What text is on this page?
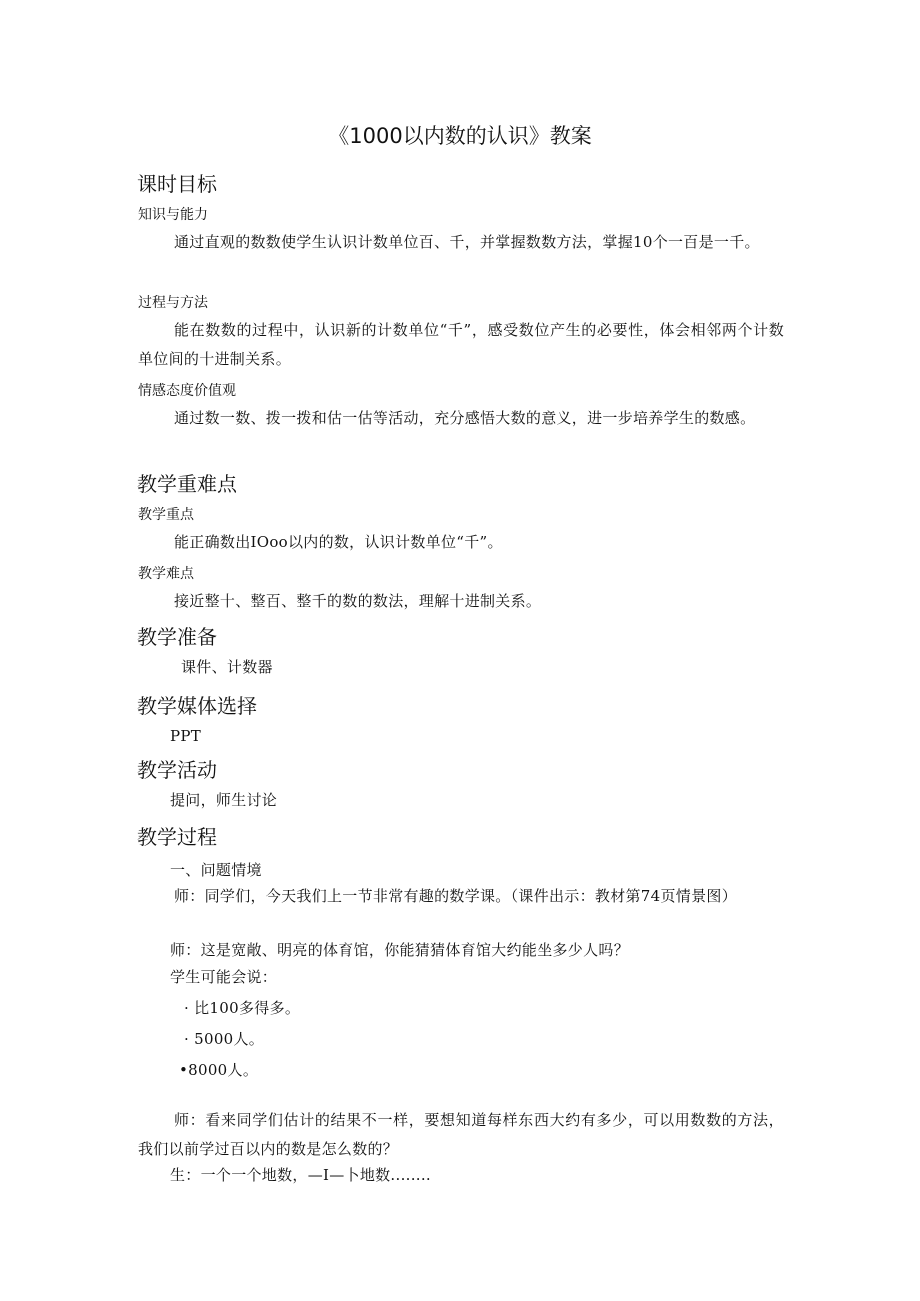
《1000以内数的认识》教案
课时目标
知识与能力
通过直观的数数使学生认识计数单位百、千，并掌握数数方法，掌握10个一百是一千。
过程与方法
能在数数的过程中，认识新的计数单位“千”，感受数位产生的必要性，体会相邻两个计数单位间的十进制关系。
情感态度价值观
通过数一数、拨一拨和估一估等活动，充分感悟大数的意义，进一步培养学生的数感。
教学重难点
教学重点
能正确数出IOoo以内的数，认识计数单位“千”。
教学难点
接近整十、整百、整千的数的数法，理解十进制关系。
教学准备
课件、计数器
教学媒体选择
PPT
教学活动
提问，师生讨论
教学过程
一、问题情境
师：同学们，今天我们上一节非常有趣的数学课。（课件出示：教材第74页情景图）
师：这是宽敞、明亮的体育馆，你能猜猜体育馆大约能坐多少人吗？
学生可能会说：
· 比100多得多。
· 5000人。
•8000人。
师：看来同学们估计的结果不一样，要想知道每样东西大约有多少，可以用数数的方法，我们以前学过百以内的数是怎么数的？
生：一个一个地数，—I—卜地数........
